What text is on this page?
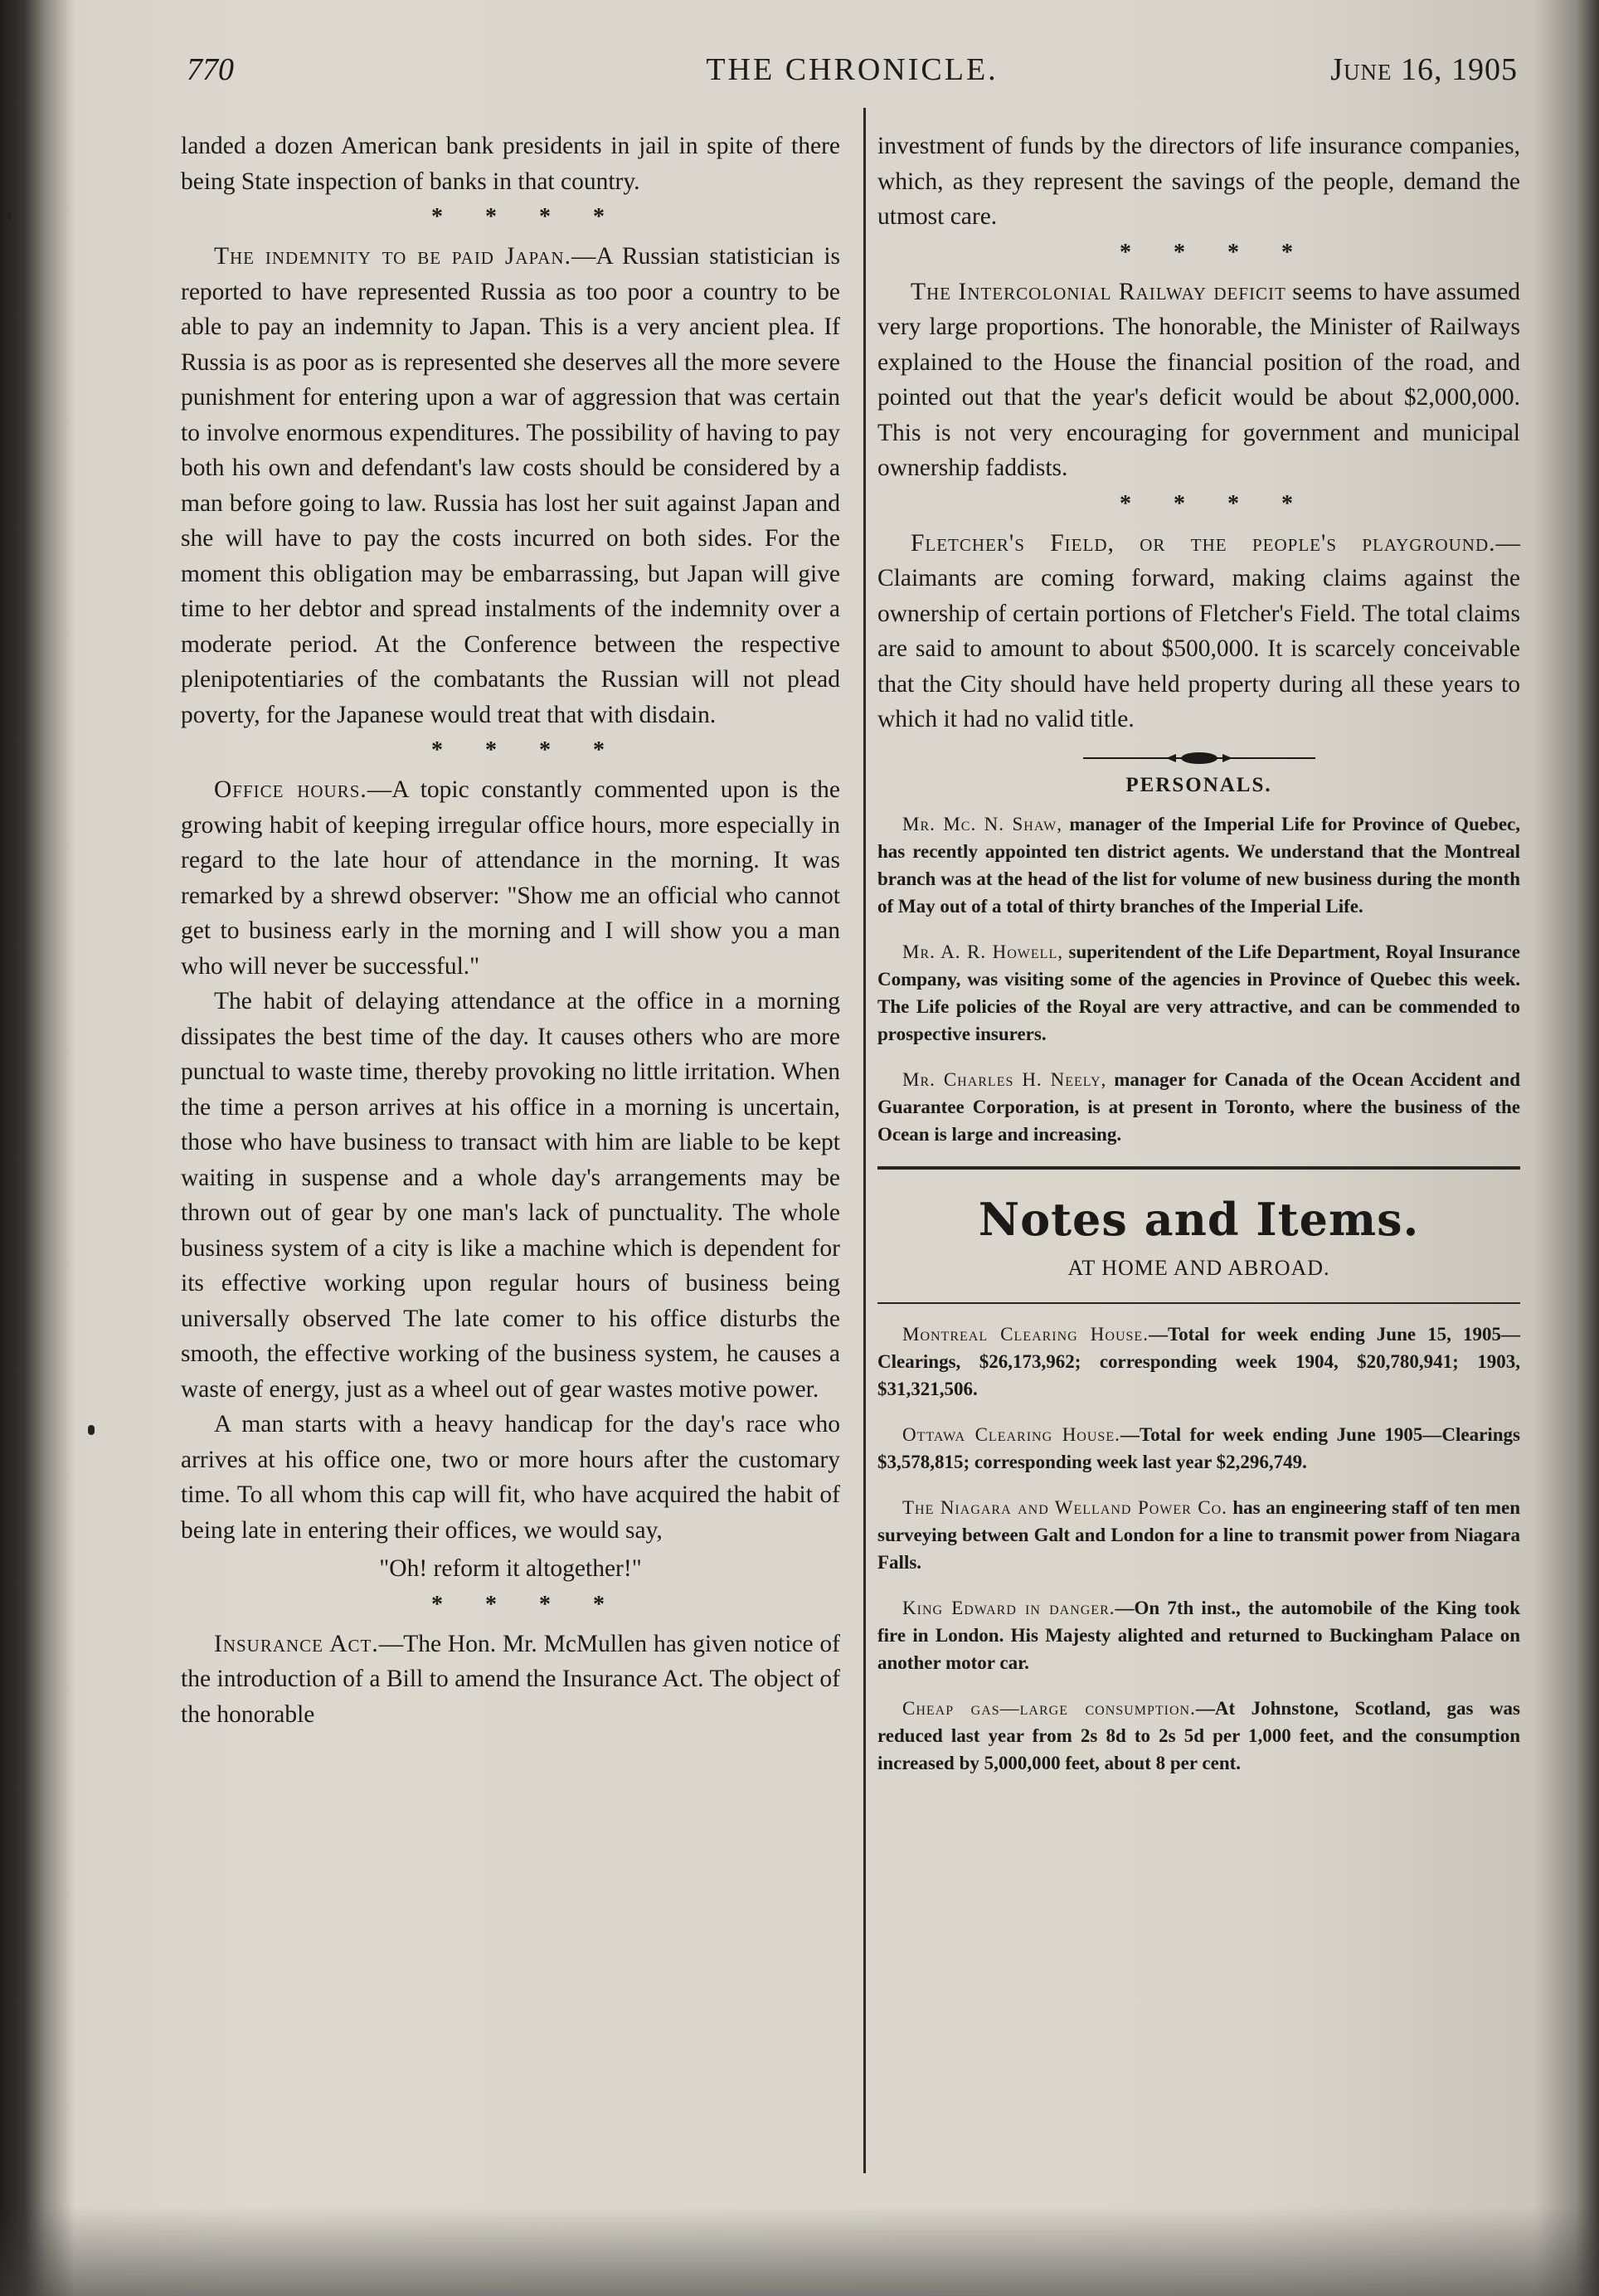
770	THE CHRONICLE.	June 16, 1905

landed a dozen American bank presidents in jail in spite of there being State inspection of banks in that country.

* * * *

The indemnity to be paid Japan.—A Russian statistician is reported to have represented Russia as too poor a country to be able to pay an indemnity to Japan. This is a very ancient plea. If Russia is as poor as is represented she deserves all the more severe punishment for entering upon a war of aggression that was certain to involve enormous expenditures. The possibility of having to pay both his own and defendant's law costs should be considered by a man before going to law. Russia has lost her suit against Japan and she will have to pay the costs incurred on both sides. For the moment this obligation may be embarrassing, but Japan will give time to her debtor and spread instalments of the indemnity over a moderate period. At the Conference between the respective plenipotentiaries of the combatants the Russian will not plead poverty, for the Japanese would treat that with disdain.

* * * *

Office hours.—A topic constantly commented upon is the growing habit of keeping irregular office hours, more especially in regard to the late hour of attendance in the morning. It was remarked by a shrewd observer: "Show me an official who cannot get to business early in the morning and I will show you a man who will never be successful."

The habit of delaying attendance at the office in a morning dissipates the best time of the day. It causes others who are more punctual to waste time, thereby provoking no little irritation. When the time a person arrives at his office in a morning is uncertain, those who have business to transact with him are liable to be kept waiting in suspense and a whole day's arrangements may be thrown out of gear by one man's lack of punctuality. The whole business system of a city is like a machine which is dependent for its effective working upon regular hours of business being universally observed The late comer to his office disturbs the smooth, the effective working of the business system, he causes a waste of energy, just as a wheel out of gear wastes motive power.

A man starts with a heavy handicap for the day's race who arrives at his office one, two or more hours after the customary time. To all whom this cap will fit, who have acquired the habit of being late in entering their offices, we would say,

"Oh! reform it altogether!"
* * * *

Insurance Act.—The Hon. Mr. McMullen has given notice of the introduction of a Bill to amend the Insurance Act. The object of the honorable

investment of funds by the directors of life insurance companies, which, as they represent the savings of the people, demand the utmost care.

* * * *

The Intercolonial Railway deficit seems to have assumed very large proportions. The honorable, the Minister of Railways explained to the House the financial position of the road, and pointed out that the year's deficit would be about $2,000,000. This is not very encouraging for government and municipal ownership faddists.

* * * *

Fletcher's Field, or the people's playground.—Claimants are coming forward, making claims against the ownership of certain portions of Fletcher's Field. The total claims are said to amount to about $500,000. It is scarcely conceivable that the City should have held property during all these years to which it had no valid title.

PERSONALS.

Mr. Mc. N. Shaw, manager of the Imperial Life for Province of Quebec, has recently appointed ten district agents. We understand that the Montreal branch was at the head of the list for volume of new business during the month of May out of a total of thirty branches of the Imperial Life.

Mr. A. R. Howell, superitendent of the Life Department, Royal Insurance Company, was visiting some of the agencies in Province of Quebec this week. The Life policies of the Royal are very attractive, and can be commended to prospective insurers.

Mr. Charles H. Neely, manager for Canada of the Ocean Accident and Guarantee Corporation, is at present in Toronto, where the business of the Ocean is large and increasing.

Notes and Items.
AT HOME AND ABROAD.

Montreal Clearing House.—Total for week ending June 15, 1905—Clearings, $26,173,962; corresponding week 1904, $20,780,941; 1903, $31,321,506.

Ottawa Clearing House.—Total for week ending June 1905—Clearings $3,578,815; corresponding week last year $2,296,749.

The Niagara and Welland Power Co. has an engineering staff of ten men surveying between Galt and London for a line to transmit power from Niagara Falls.

King Edward in danger.—On 7th inst., the automobile of the King took fire in London. His Majesty alighted and returned to Buckingham Palace on another motor car.

Cheap gas—large consumption.—At Johnstone, Scotland, gas was reduced last year from 2s 8d to 2s 5d per 1,000 feet, and the consumption increased by 5,000,000 feet, about 8 per cent.
